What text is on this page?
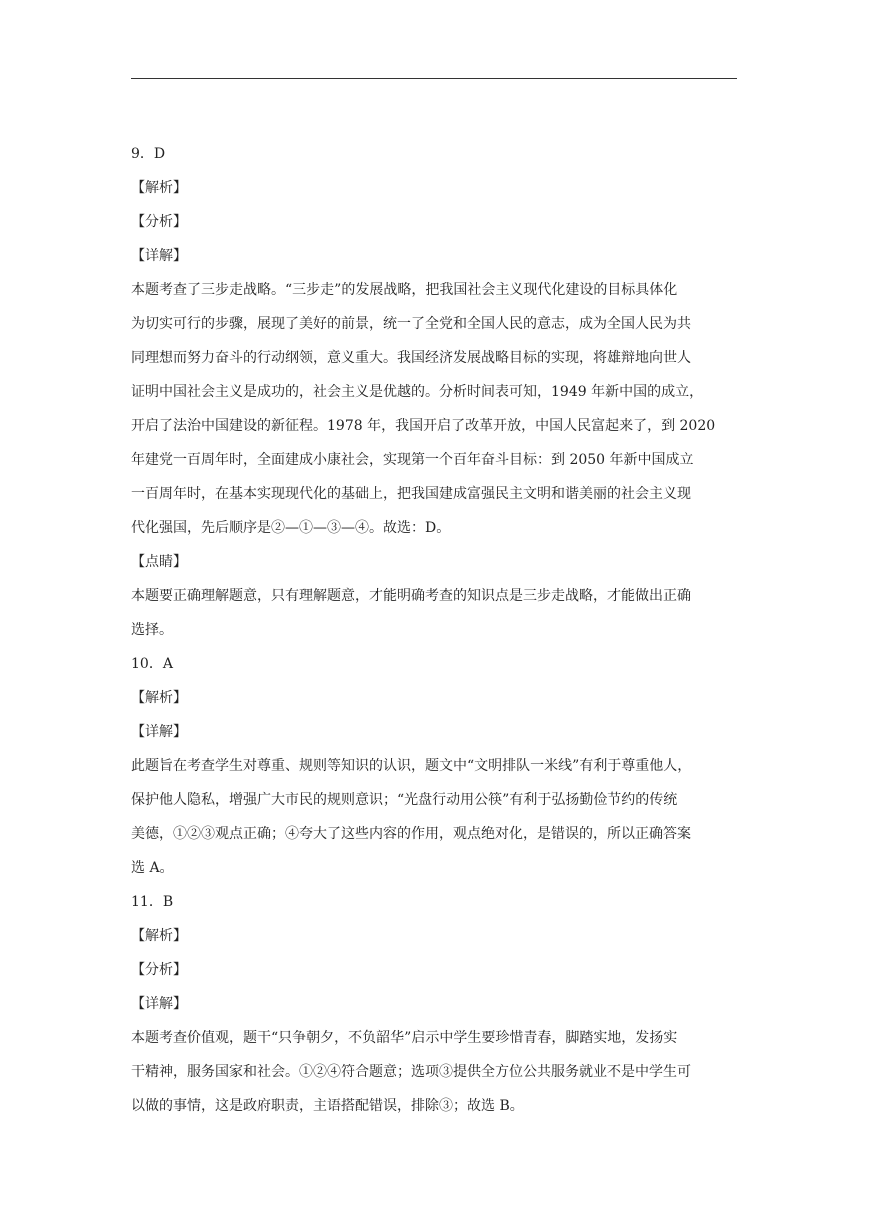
9．D
【解析】
【分析】
【详解】
本题考查了三步走战略。“三步走”的发展战略，把我国社会主义现代化建设的目标具体化
为切实可行的步骤，展现了美好的前景，统一了全党和全国人民的意志，成为全国人民为共
同理想而努力奋斗的行动纲领，意义重大。我国经济发展战略目标的实现，将雄辩地向世人
证明中国社会主义是成功的，社会主义是优越的。分析时间表可知，1949 年新中国的成立，
开启了法治中国建设的新征程。1978 年，我国开启了改革开放，中国人民富起来了，到 2020
年建党一百周年时，全面建成小康社会，实现第一个百年奋斗目标：到 2050 年新中国成立
一百周年时，在基本实现现代化的基础上，把我国建成富强民主文明和谐美丽的社会主义现
代化强国，先后顺序是②—①—③—④。故选：D。
【点睛】
本题要正确理解题意，只有理解题意，才能明确考查的知识点是三步走战略，才能做出正确
选择。
10．A
【解析】
【详解】
此题旨在考查学生对尊重、规则等知识的认识，题文中“文明排队一米线”有利于尊重他人，
保护他人隐私，增强广大市民的规则意识；“光盘行动用公筷”有利于弘扬勤俭节约的传统
美德，①②③观点正确；④夸大了这些内容的作用，观点绝对化，是错误的，所以正确答案
选 A。
11．B
【解析】
【分析】
【详解】
本题考查价值观，题干“只争朝夕，不负韶华”启示中学生要珍惜青春，脚踏实地，发扬实
干精神，服务国家和社会。①②④符合题意；选项③提供全方位公共服务就业不是中学生可
以做的事情，这是政府职责，主语搭配错误，排除③；故选 B。
